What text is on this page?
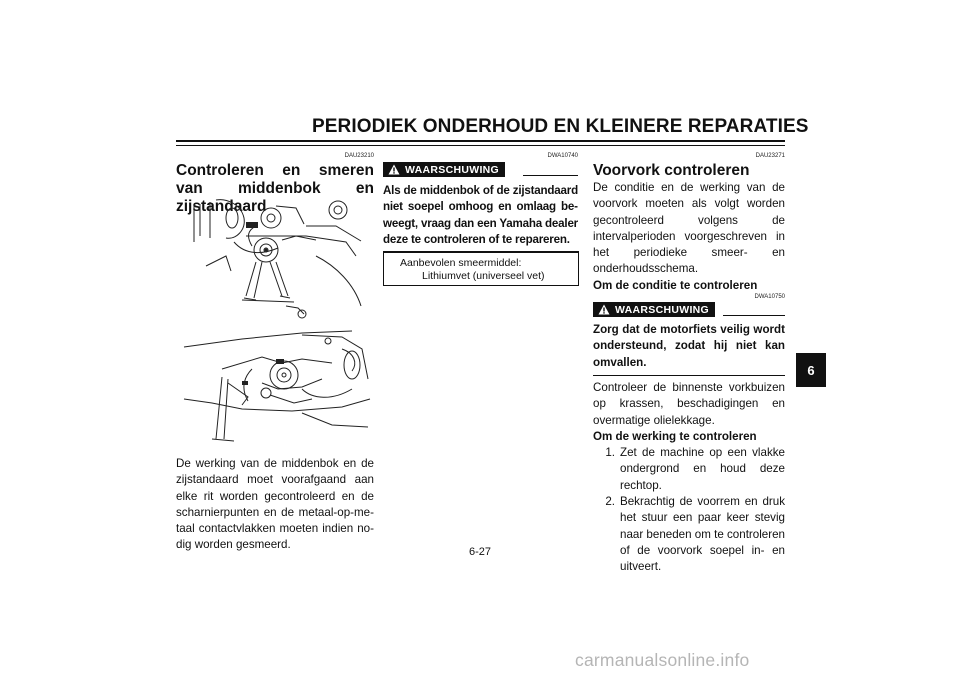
PERIODIEK ONDERHOUD EN KLEINERE REPARATIES
DAU23210
Controleren en smeren van middenbok en zijstandaard
De werking van de middenbok en de zijstandaard moet voorafgaand aan elke rit worden gecontroleerd en de scharnierpunten en de metaal-op-metaal contactvlakken moeten indien nodig worden gesmeerd.
DWA10740
WAARSCHUWING
Als de middenbok of de zijstandaard niet soepel omhoog en omlaag beweegt, vraag dan een Yamaha dealer deze te controleren of te repareren.
Aanbevolen smeermiddel:
Lithiumvet (universeel vet)
DAU23271
Voorvork controleren
De conditie en de werking van de voorvork moeten als volgt worden gecontroleerd volgens de intervalperioden voorgeschreven in het periodieke smeer- en onderhoudsschema.
Om de conditie te controleren
DWA10750
WAARSCHUWING
Zorg dat de motorfiets veilig wordt ondersteund, zodat hij niet kan omvallen.
Controleer de binnenste vorkbuizen op krassen, beschadigingen en overmatige olielekkage.
Om de werking te controleren
1. Zet de machine op een vlakke ondergrond en houd deze rechtop.
2. Bekrachtig de voorrem en druk het stuur een paar keer stevig naar beneden om te controleren of de voorvork soepel in- en uitveert.
6
6-27
carmanualsonline.info
